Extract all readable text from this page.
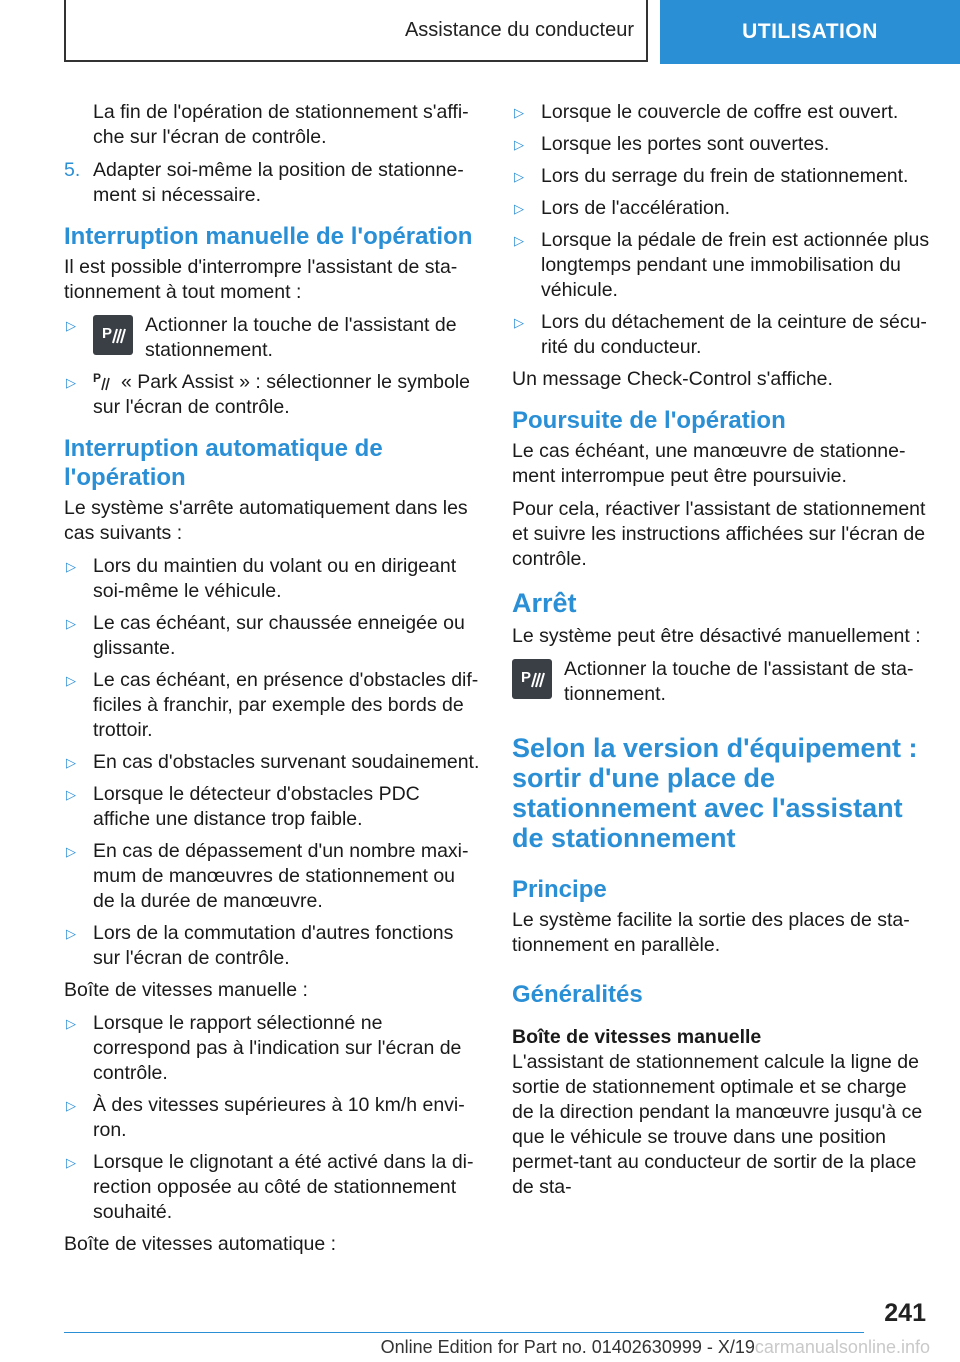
Assistance du conducteur	UTILISATION

La fin de l'opération de stationnement s'affi-che sur l'écran de contrôle.

5. Adapter soi-même la position de stationne-ment si nécessaire.
Interruption manuelle de l'opération

Il est possible d'interrompre l'assistant de sta-tionnement à tout moment :

▷	P Actionner la touche de l'assistant de stationnement.
▷	P « Park Assist » : sélectionner le symbole sur l'écran de contrôle.
Interruption automatique de l'opération

Le système s'arrête automatiquement dans les cas suivants :

▷ Lors du maintien du volant ou en dirigeant soi-même le véhicule.
▷ Le cas échéant, sur chaussée enneigée ou glissante.
▷ Le cas échéant, en présence d'obstacles dif-ficiles à franchir, par exemple des bords de trottoir.
▷ En cas d'obstacles survenant soudainement.
▷ Lorsque le détecteur d'obstacles PDC affiche une distance trop faible.
▷ En cas de dépassement d'un nombre maxi-mum de manœuvres de stationnement ou de la durée de manœuvre.
▷ Lors de la commutation d'autres fonctions sur l'écran de contrôle.

Boîte de vitesses manuelle :

▷ Lorsque le rapport sélectionné ne correspond pas à l'indication sur l'écran de contrôle.
▷ À des vitesses supérieures à 10 km/h envi-ron.
▷ Lorsque le clignotant a été activé dans la di-rection opposée au côté de stationnement souhaité.

Boîte de vitesses automatique :

▷ Lorsque le couvercle de coffre est ouvert.
▷ Lorsque les portes sont ouvertes.
▷ Lors du serrage du frein de stationnement.
▷ Lors de l'accélération.
▷ Lorsque la pédale de frein est actionnée plus longtemps pendant une immobilisation du véhicule.
▷ Lors du détachement de la ceinture de sécu-rité du conducteur.

Un message Check-Control s'affiche.

Poursuite de l'opération

Le cas échéant, une manœuvre de stationne-ment interrompue peut être poursuivie.

Pour cela, réactiver l'assistant de stationnement et suivre les instructions affichées sur l'écran de contrôle.

Arrêt

Le système peut être désactivé manuellement :

P Actionner la touche de l'assistant de sta-tionnement.
Selon la version d'équipement : sortir d'une place de stationnement avec l'assistant de stationnement
Principe

Le système facilite la sortie des places de sta-tionnement en parallèle.

Généralités
Boîte de vitesses manuelle

L'assistant de stationnement calcule la ligne de sortie de stationnement optimale et se charge de la direction pendant la manœuvre jusqu'à ce que le véhicule se trouve dans une position permet-tant au conducteur de sortir de la place de sta-

241
Online Edition for Part no. 01402630999 - X/19carmanualsonline.info
